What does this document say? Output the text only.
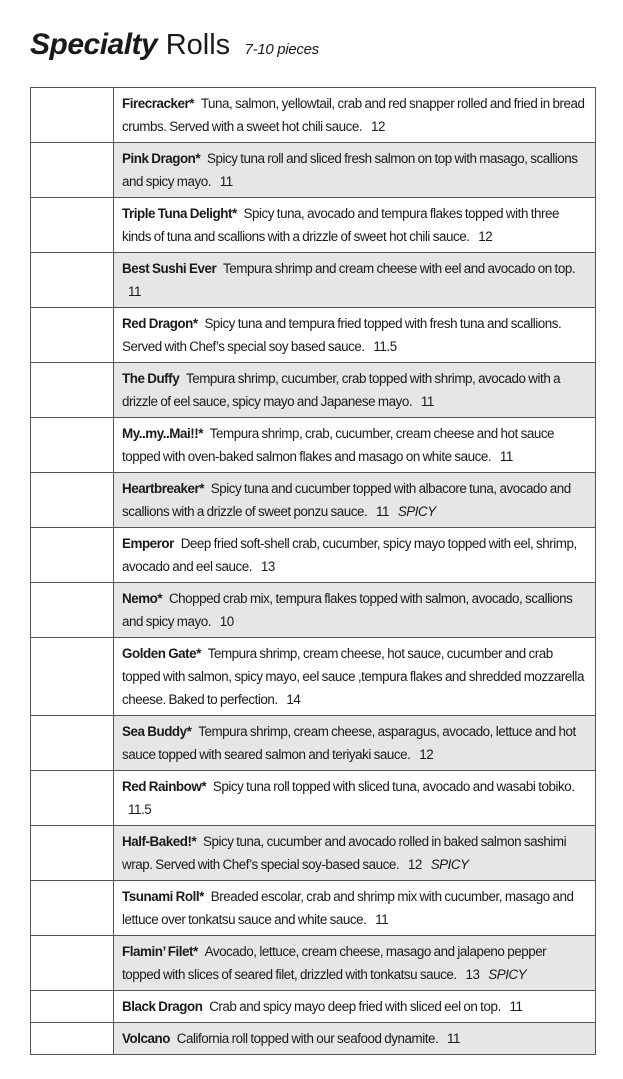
Specialty Rolls 7-10 pieces
Firecracker* Tuna, salmon, yellowtail, crab and red snapper rolled and fried in bread crumbs. Served with a sweet hot chili sauce. 12
Pink Dragon* Spicy tuna roll and sliced fresh salmon on top with masago, scallions and spicy mayo. 11
Triple Tuna Delight* Spicy tuna, avocado and tempura flakes topped with three kinds of tuna and scallions with a drizzle of sweet hot chili sauce. 12
Best Sushi Ever Tempura shrimp and cream cheese with eel and avocado on top. 11
Red Dragon* Spicy tuna and tempura fried topped with fresh tuna and scallions. Served with Chef’s special soy based sauce. 11.5
The Duffy Tempura shrimp, cucumber, crab topped with shrimp, avocado with a drizzle of eel sauce, spicy mayo and Japanese mayo. 11
My..my..Mai!!* Tempura shrimp, crab, cucumber, cream cheese and hot sauce topped with oven-baked salmon flakes and masago on white sauce. 11
Heartbreaker* Spicy tuna and cucumber topped with albacore tuna, avocado and scallions with a drizzle of sweet ponzu sauce. 11 SPICY
Emperor Deep fried soft-shell crab, cucumber, spicy mayo topped with eel, shrimp, avocado and eel sauce. 13
Nemo* Chopped crab mix, tempura flakes topped with salmon, avocado, scallions and spicy mayo. 10
Golden Gate* Tempura shrimp, cream cheese, hot sauce, cucumber and crab topped with salmon, spicy mayo, eel sauce ,tempura flakes and shredded mozzarella cheese. Baked to perfection. 14
Sea Buddy* Tempura shrimp, cream cheese, asparagus, avocado, lettuce and hot sauce topped with seared salmon and teriyaki sauce. 12
Red Rainbow* Spicy tuna roll topped with sliced tuna, avocado and wasabi tobiko. 11.5
Half-Baked!* Spicy tuna, cucumber and avocado rolled in baked salmon sashimi wrap. Served with Chef’s special soy-based sauce. 12 SPICY
Tsunami Roll* Breaded escolar, crab and shrimp mix with cucumber, masago and lettuce over tonkatsu sauce and white sauce. 11
Flamin’ Filet* Avocado, lettuce, cream cheese, masago and jalapeno pepper topped with slices of seared filet, drizzled with tonkatsu sauce. 13 SPICY
Black Dragon Crab and spicy mayo deep fried with sliced eel on top. 11
Volcano California roll topped with our seafood dynamite. 11
